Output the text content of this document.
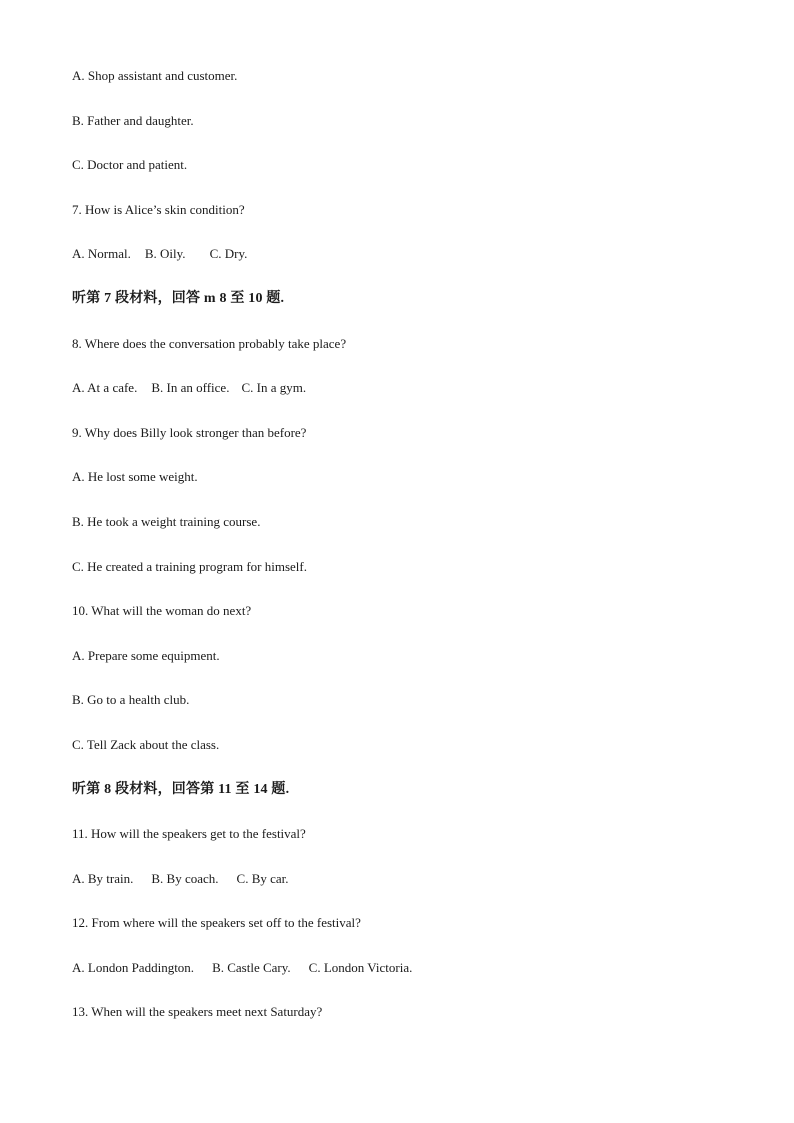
A. Shop assistant and customer.
B. Father and daughter.
C. Doctor and patient.
7. How is Alice’s skin condition?
A. Normal. B. Oily. C. Dry.
听第 7 段材料，回答 m 8 至 10 题.
8. Where does the conversation probably take place?
A. At a cafe. B. In an office. C. In a gym.
9. Why does Billy look stronger than before?
A. He lost some weight.
B. He took a weight training course.
C. He created a training program for himself.
10. What will the woman do next?
A. Prepare some equipment.
B. Go to a health club.
C. Tell Zack about the class.
听第 8 段材料，回答第 11 至 14 题.
11. How will the speakers get to the festival?
A. By train. B. By coach. C. By car.
12. From where will the speakers set off to the festival?
A. London Paddington. B. Castle Cary. C. London Victoria.
13. When will the speakers meet next Saturday?
